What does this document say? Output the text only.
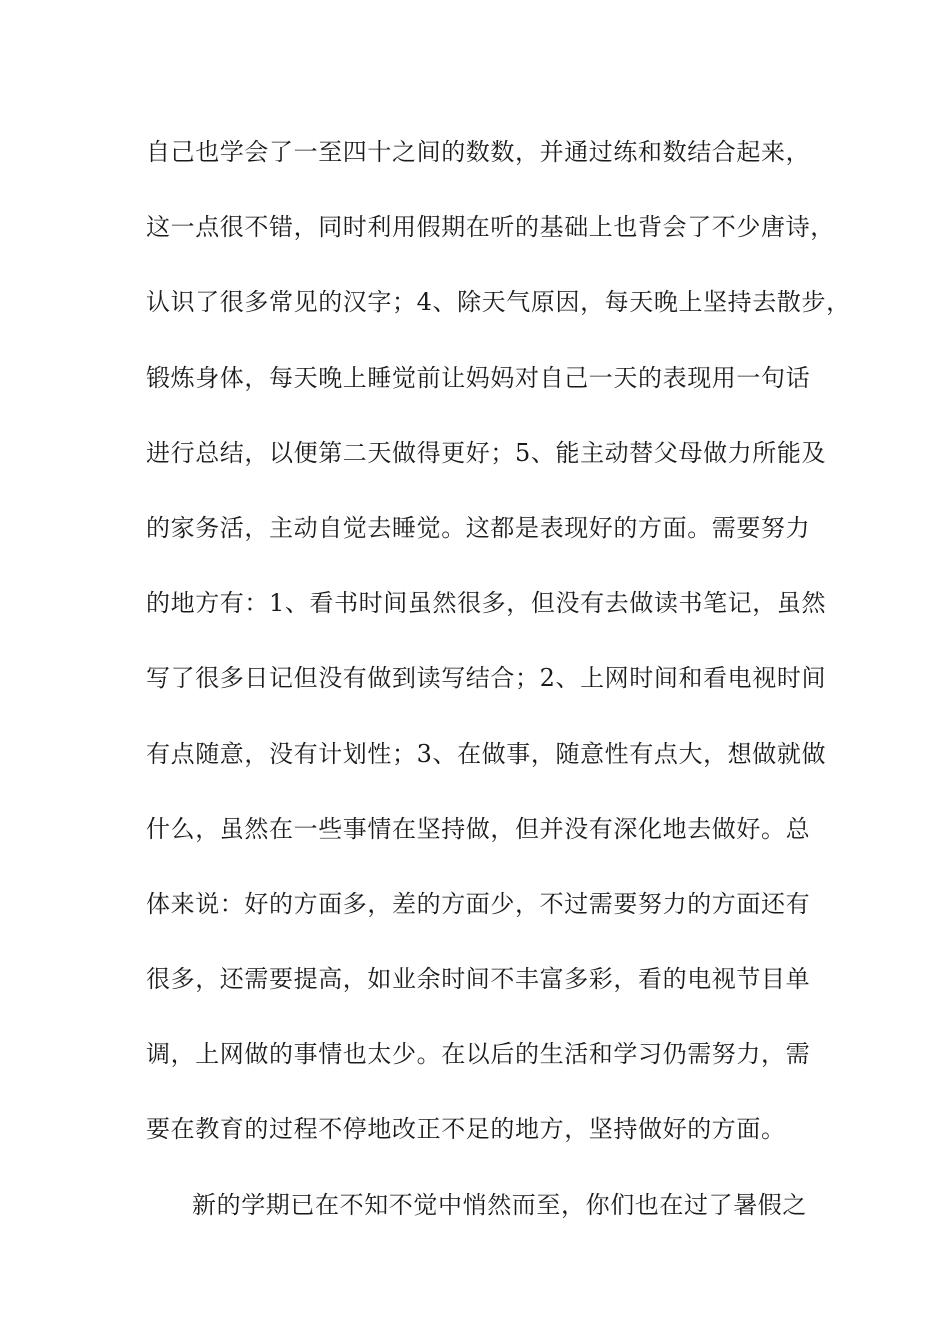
自己也学会了一至四十之间的数数，并通过练和数结合起来，
这一点很不错，同时利用假期在听的基础上也背会了不少唐诗，
认识了很多常见的汉字；4、除天气原因，每天晚上坚持去散步，
锻炼身体，每天晚上睡觉前让妈妈对自己一天的表现用一句话
进行总结，以便第二天做得更好；5、能主动替父母做力所能及
的家务活，主动自觉去睡觉。这都是表现好的方面。需要努力
的地方有：1、看书时间虽然很多，但没有去做读书笔记，虽然
写了很多日记但没有做到读写结合；2、上网时间和看电视时间
有点随意，没有计划性；3、在做事，随意性有点大，想做就做
什么，虽然在一些事情在坚持做，但并没有深化地去做好。总
体来说：好的方面多，差的方面少，不过需要努力的方面还有
很多，还需要提高，如业余时间不丰富多彩，看的电视节目单
调，上网做的事情也太少。在以后的生活和学习仍需努力，需
要在教育的过程不停地改正不足的地方，坚持做好的方面。
新的学期已在不知不觉中悄然而至，你们也在过了暑假之
